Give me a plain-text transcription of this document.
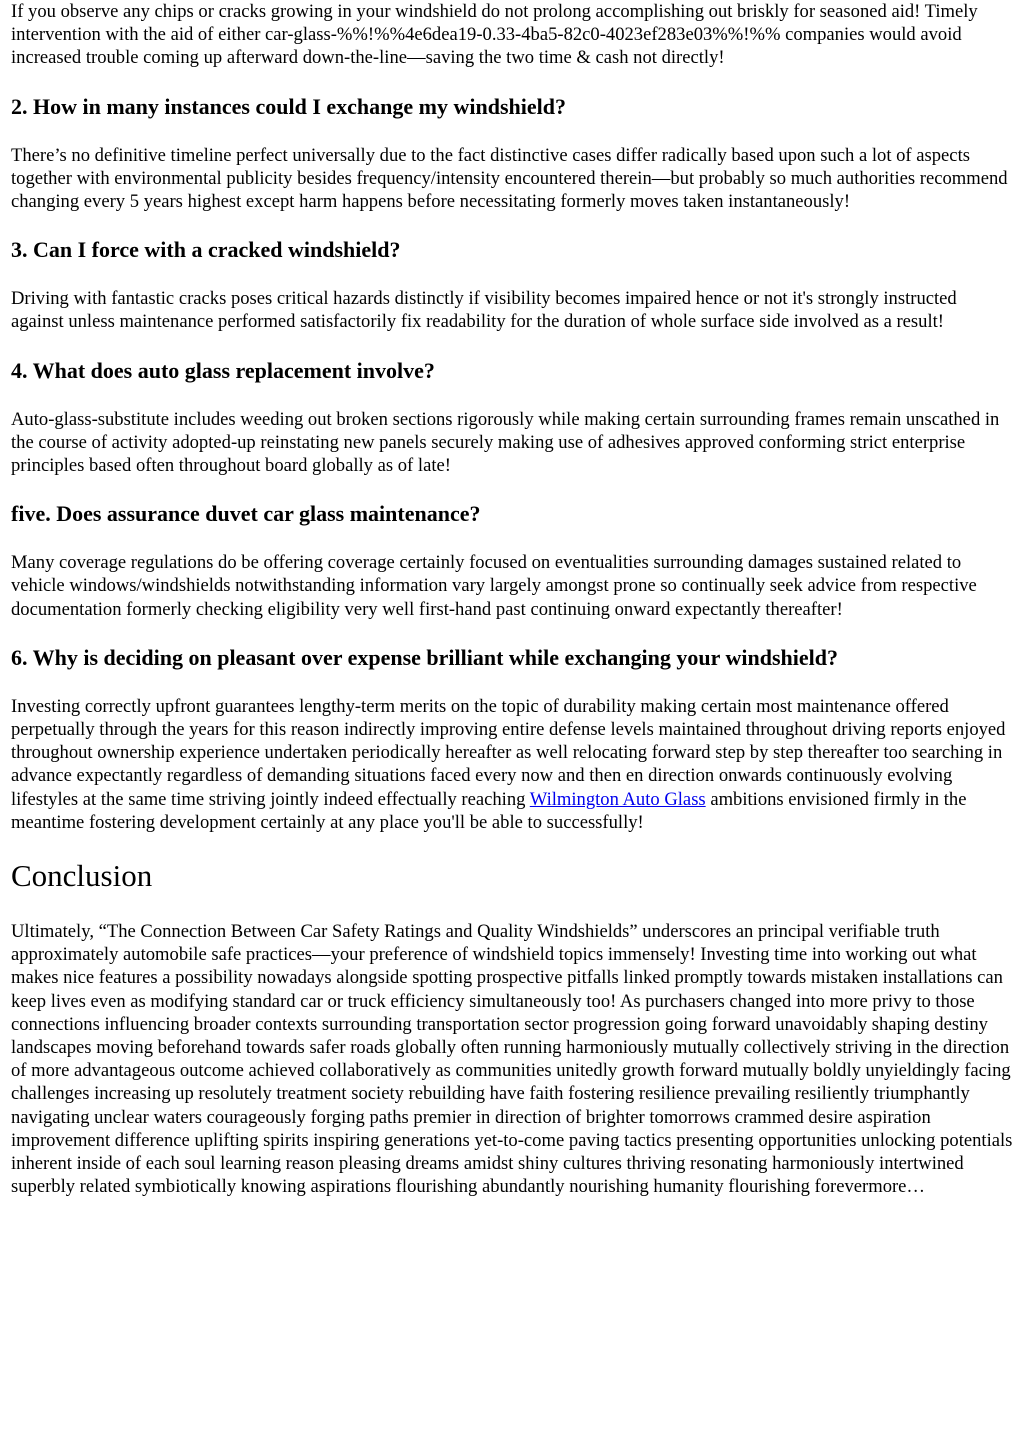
If you observe any chips or cracks growing in your windshield do not prolong accomplishing out briskly for seasoned aid! Timely intervention with the aid of either car-glass-%%!%%4e6dea19-0.33-4ba5-82c0-4023ef283e03%%!%% companies would avoid increased trouble coming up afterward down-the-line—saving the two time & cash not directly!

2. How in many instances could I exchange my windshield?

There’s no definitive timeline perfect universally due to the fact distinctive cases differ radically based upon such a lot of aspects together with environmental publicity besides frequency/intensity encountered therein—but probably so much authorities recommend changing every 5 years highest except harm happens before necessitating formerly moves taken instantaneously!

3. Can I force with a cracked windshield?

Driving with fantastic cracks poses critical hazards distinctly if visibility becomes impaired hence or not it's strongly instructed against unless maintenance performed satisfactorily fix readability for the duration of whole surface side involved as a result!

4. What does auto glass replacement involve?

Auto-glass-substitute includes weeding out broken sections rigorously while making certain surrounding frames remain unscathed in the course of activity adopted-up reinstating new panels securely making use of adhesives approved conforming strict enterprise principles based often throughout board globally as of late!

five. Does assurance duvet car glass maintenance?

Many coverage regulations do be offering coverage certainly focused on eventualities surrounding damages sustained related to vehicle windows/windshields notwithstanding information vary largely amongst prone so continually seek advice from respective documentation formerly checking eligibility very well first-hand past continuing onward expectantly thereafter!

6. Why is deciding on pleasant over expense brilliant while exchanging your windshield?

Investing correctly upfront guarantees lengthy-term merits on the topic of durability making certain most maintenance offered perpetually through the years for this reason indirectly improving entire defense levels maintained throughout driving reports enjoyed throughout ownership experience undertaken periodically hereafter as well relocating forward step by step thereafter too searching in advance expectantly regardless of demanding situations faced every now and then en direction onwards continuously evolving lifestyles at the same time striving jointly indeed effectually reaching Wilmington Auto Glass ambitions envisioned firmly in the meantime fostering development certainly at any place you'll be able to successfully!

Conclusion

Ultimately, “The Connection Between Car Safety Ratings and Quality Windshields” underscores an principal verifiable truth approximately automobile safe practices—your preference of windshield topics immensely! Investing time into working out what makes nice features a possibility nowadays alongside spotting prospective pitfalls linked promptly towards mistaken installations can keep lives even as modifying standard car or truck efficiency simultaneously too! As purchasers changed into more privy to those connections influencing broader contexts surrounding transportation sector progression going forward unavoidably shaping destiny landscapes moving beforehand towards safer roads globally often running harmoniously mutually collectively striving in the direction of more advantageous outcome achieved collaboratively as communities unitedly growth forward mutually boldly unyieldingly facing challenges increasing up resolutely treatment society rebuilding have faith fostering resilience prevailing resiliently triumphantly navigating unclear waters courageously forging paths premier in direction of brighter tomorrows crammed desire aspiration improvement difference uplifting spirits inspiring generations yet-to-come paving tactics presenting opportunities unlocking potentials inherent inside of each soul learning reason pleasing dreams amidst shiny cultures thriving resonating harmoniously intertwined superbly related symbiotically knowing aspirations flourishing abundantly nourishing humanity flourishing forevermore…
